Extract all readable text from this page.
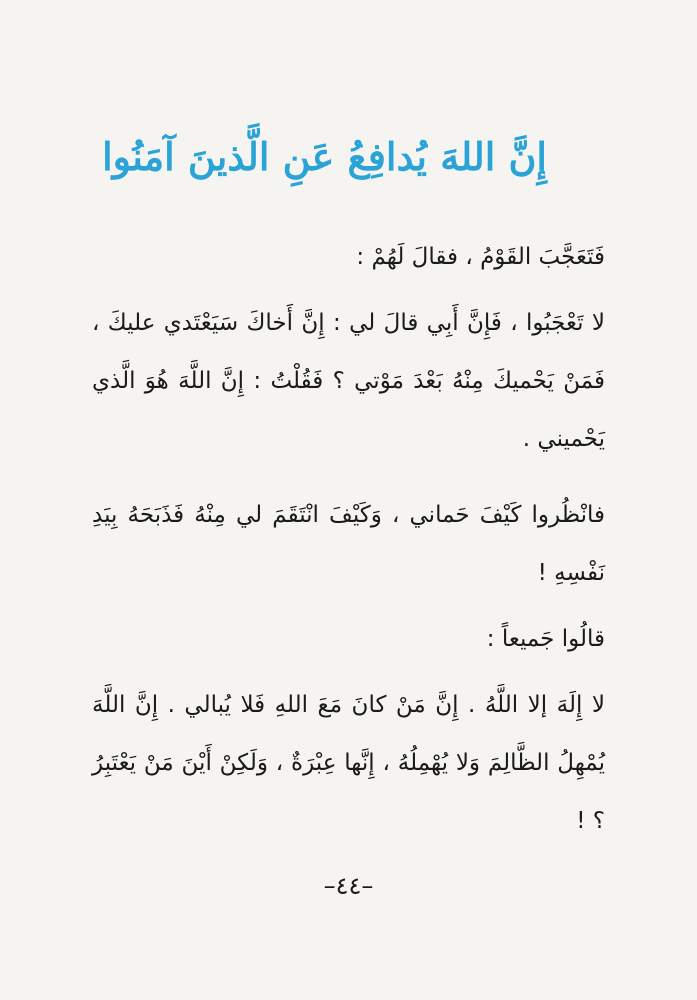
إِنَّ اللهَ يُدافِعُ عَنِ الَّذينَ آمَنُوا

فَتَعَجَّبَ القَوْمُ ، فقالَ لَهُمْ :

لا تَعْجَبُوا ، فَإِنَّ أَبِي قالَ لي : إِنَّ أَخاكَ سَيَعْتَدي عليكَ ، فَمَنْ يَحْميكَ مِنْهُ بَعْدَ مَوْتي ؟ فَقُلْتُ : إِنَّ اللَّهَ هُوَ الَّذي يَحْميني .

فانْظُروا كَيْفَ حَماني ، وَكَيْفَ انْتَقَمَ لي مِنْهُ فَذَبَحَهُ بِيَدِ نَفْسِهِ !

قالُوا جَميعاً :

لا إِلَهَ إلا اللَّهُ . إِنَّ مَنْ كانَ مَعَ اللهِ فَلا يُبالي . إِنَّ اللَّهَ يُمْهِلُ الظَّالِمَ وَلا يُهْمِلُهُ ، إِنَّها عِبْرَةٌ ، وَلَكِنْ أَيْنَ مَنْ يَعْتَبِرُ ؟ !

–٤٤–
